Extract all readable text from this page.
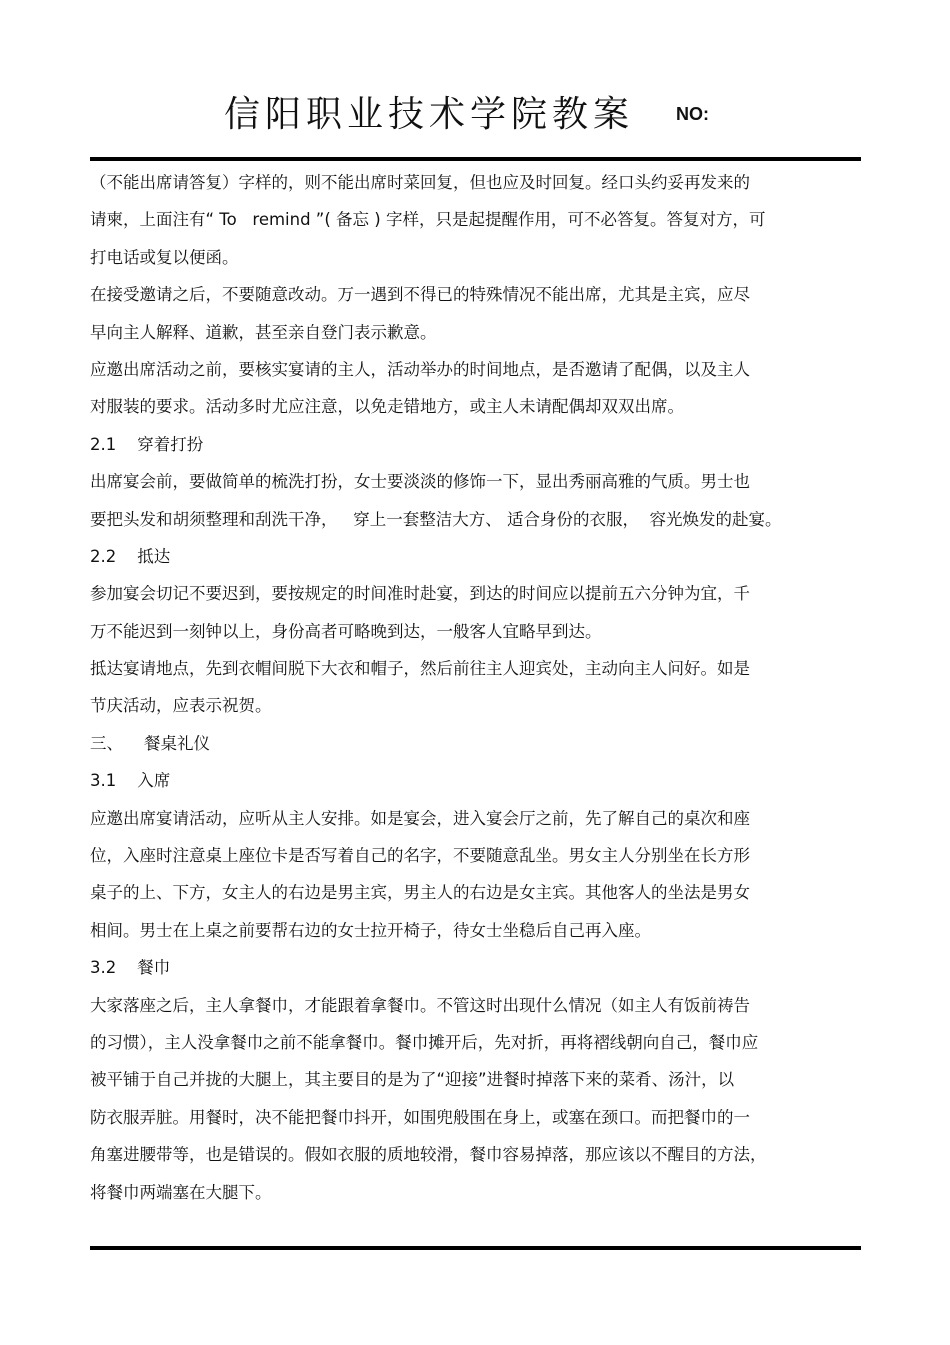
信阳职业技术学院教案 NO:
（不能出席请答复）字样的，则不能出席时菜回复，但也应及时回复。经口头约妥再发来的
请柬，上面注有“ To   remind ”( 备忘 ) 字样，只是起提醒作用，可不必答复。答复对方，可
打电话或复以便函。
在接受邀请之后，不要随意改动。万一遇到不得已的特殊情况不能出席，尤其是主宾，应尽
早向主人解释、道歉，甚至亲自登门表示歉意。
应邀出席活动之前，要核实宴请的主人，活动举办的时间地点，是否邀请了配偶，以及主人
对服装的要求。活动多时尤应注意，以免走错地方，或主人未请配偶却双双出席。
2.1    穿着打扮
出席宴会前，要做简单的梳洗打扮，女士要淡淡的修饰一下，显出秀丽高雅的气质。男士也
要把头发和胡须整理和刮洗干净，   穿上一套整洁大方、 适合身份的衣服，  容光焕发的赴宴。
2.2    抵达
参加宴会切记不要迟到，要按规定的时间准时赴宴，到达的时间应以提前五六分钟为宜，千
万不能迟到一刻钟以上，身份高者可略晚到达，一般客人宜略早到达。
抵达宴请地点，先到衣帽间脱下大衣和帽子，然后前往主人迎宾处，主动向主人问好。如是
节庆活动，应表示祝贺。
三、    餐桌礼仪
3.1    入席
应邀出席宴请活动，应听从主人安排。如是宴会，进入宴会厅之前，先了解自己的桌次和座
位，入座时注意桌上座位卡是否写着自己的名字，不要随意乱坐。男女主人分别坐在长方形
桌子的上、下方，女主人的右边是男主宾，男主人的右边是女主宾。其他客人的坐法是男女
相间。男士在上桌之前要帮右边的女士拉开椅子，待女士坐稳后自己再入座。
3.2    餐巾
大家落座之后，主人拿餐巾，才能跟着拿餐巾。不管这时出现什么情况（如主人有饭前祷告
的习惯），主人没拿餐巾之前不能拿餐巾。餐巾摊开后，先对折，再将褶线朝向自己，餐巾应
被平铺于自己并拢的大腿上，其主要目的是为了“迎接”进餐时掉落下来的菜肴、汤汁，以
防衣服弄脏。用餐时，决不能把餐巾抖开，如围兜般围在身上，或塞在颈口。而把餐巾的一
角塞进腰带等，也是错误的。假如衣服的质地较滑，餐巾容易掉落，那应该以不醒目的方法，
将餐巾两端塞在大腿下。
